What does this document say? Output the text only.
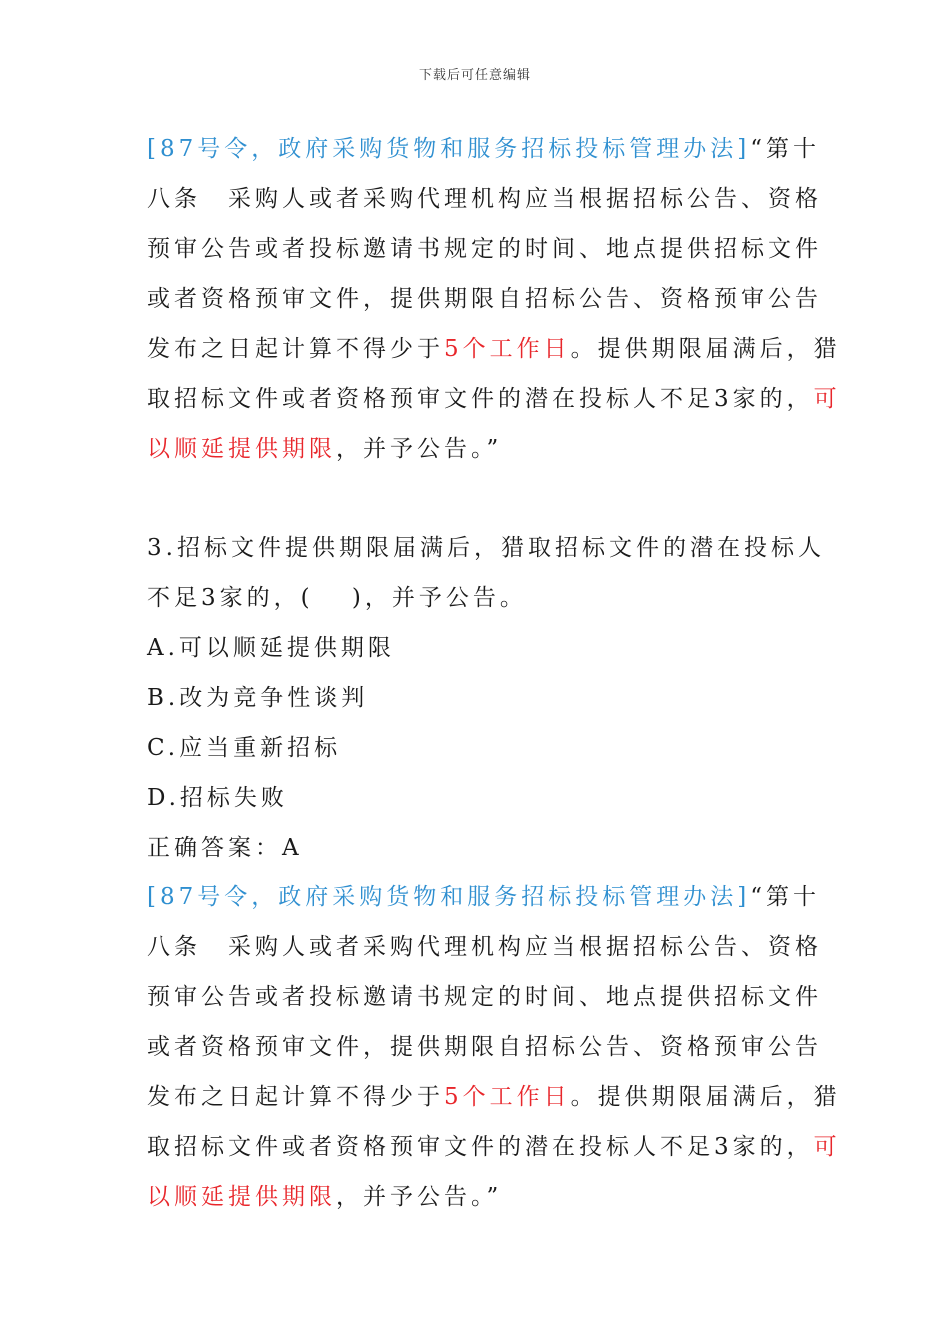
下载后可任意编辑
[87号令，政府采购货物和服务招标投标管理办法]“第十
八条　采购人或者采购代理机构应当根据招标公告、资格
预审公告或者投标邀请书规定的时间、地点提供招标文件
或者资格预审文件，提供期限自招标公告、资格预审公告
发布之日起计算不得少于5个工作日。提供期限届满后，猎
取招标文件或者资格预审文件的潜在投标人不足3家的，可
以顺延提供期限，并予公告。”
3.招标文件提供期限届满后，猎取招标文件的潜在投标人
不足3家的，(　 )，并予公告。
A.可以顺延提供期限
B.改为竞争性谈判
C.应当重新招标
D.招标失败
正确答案：A
[87号令，政府采购货物和服务招标投标管理办法]“第十
八条　采购人或者采购代理机构应当根据招标公告、资格
预审公告或者投标邀请书规定的时间、地点提供招标文件
或者资格预审文件，提供期限自招标公告、资格预审公告
发布之日起计算不得少于5个工作日。提供期限届满后，猎
取招标文件或者资格预审文件的潜在投标人不足3家的，可
以顺延提供期限，并予公告。”
